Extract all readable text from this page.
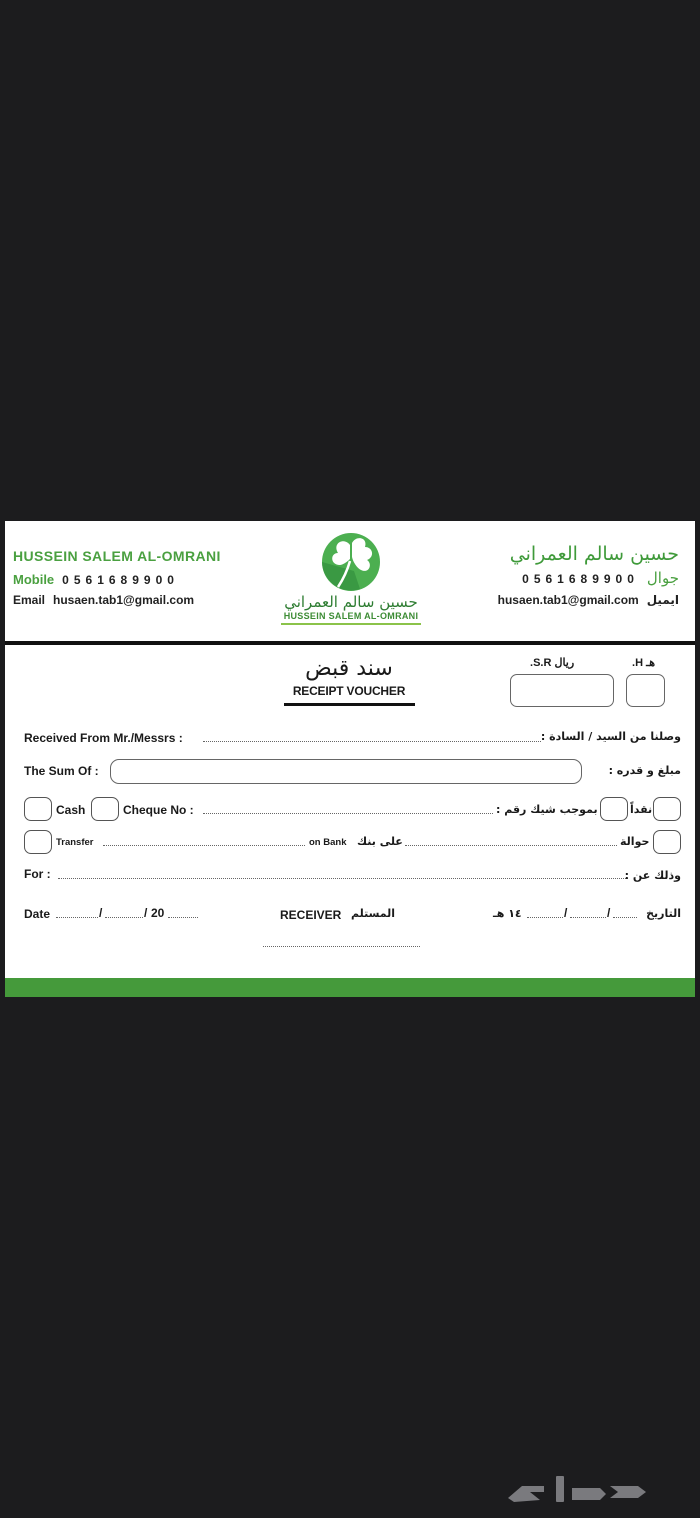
HUSSEIN SALEM AL-OMRANI
Mobile 0561689900
Email husaen.tab1@gmail.com	حسين سالم العمراني
HUSSEIN SALEM AL-OMRANI
حسين سالم العمراني
جوال
0561689900
ايميل
husaen.tab1@gmail.com
سند قبض
RECEIPT VOUCHER
ريال S.R.	هـ H.
Received From Mr./Messrs :	وصلنا من السيد / السادة :
The Sum Of :	مبلغ و قدره :
Cash	Cheque No :	بموجب شيك رقم :	نقداً
Transfer	on Bank على بنك	حوالة
For :	وذلك عن :
Date	/	/ 20	RECEIVER المستلم	١٤ هـ	/	/	التاريخ
